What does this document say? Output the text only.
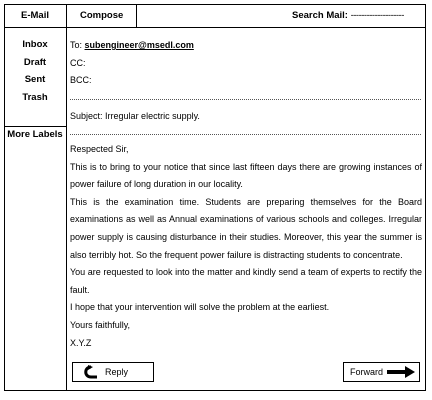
E-Mail	Compose	Search Mail: --------------------
Inbox
Draft
Sent
Trash
More Labels
To: subengineer@msedl.com
CC:
BCC:
Subject: Irregular electric supply.
Respected Sir,
This is to bring to your notice that since last fifteen days there are growing instances of power failure of long duration in our locality.
This is the examination time. Students are preparing themselves for the Board examinations as well as Annual examinations of various schools and colleges. Irregular power supply is causing disturbance in their studies. Moreover, this year the summer is also terribly hot. So the frequent power failure is distracting students to concentrate.
You are requested to look into the matter and kindly send a team of experts to rectify the fault.
I hope that your intervention will solve the problem at the earliest.
Yours faithfully,
X.Y.Z
Reply	Forward
